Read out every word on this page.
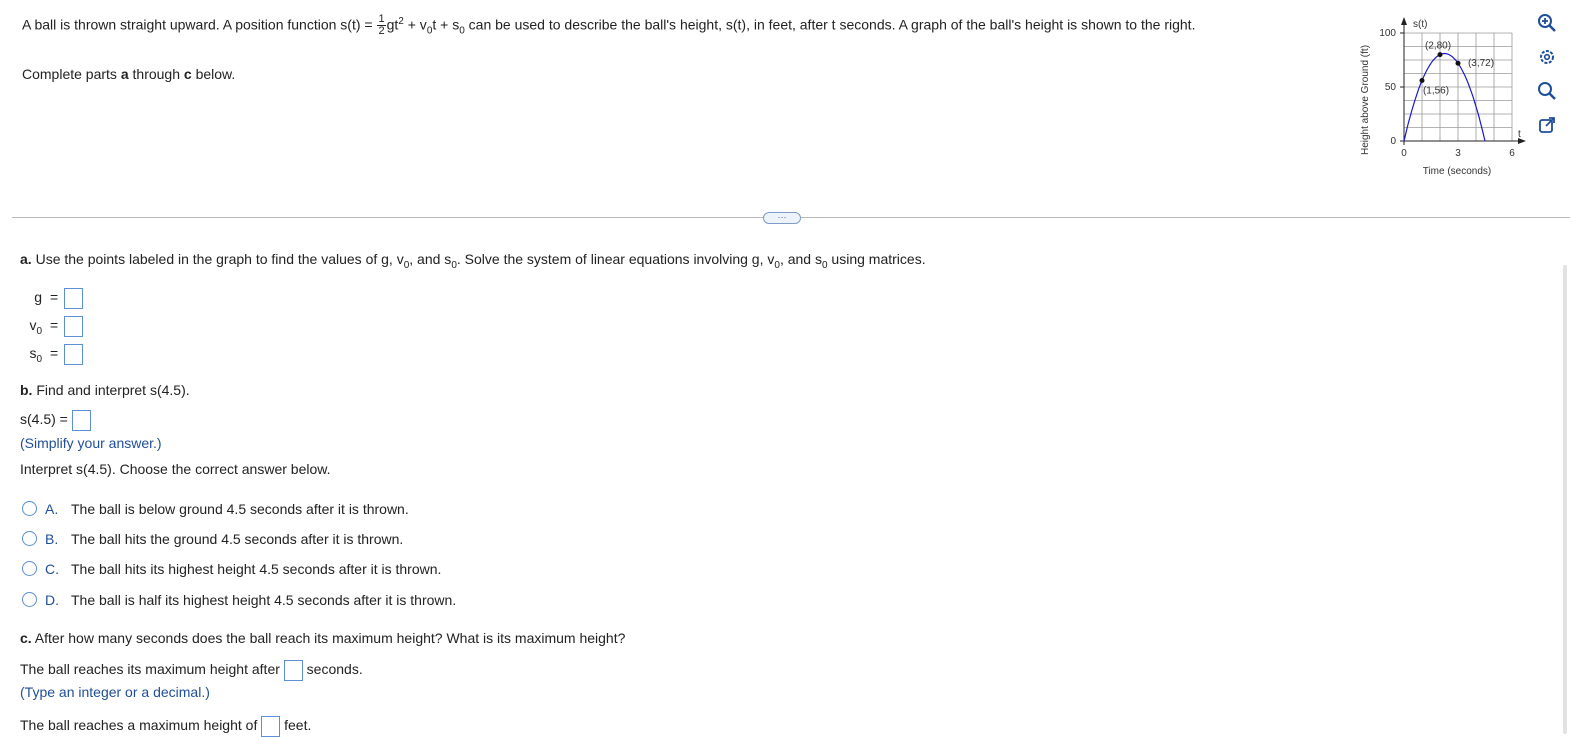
A ball is thrown straight upward. A position function $s(t) = \frac{1}{2} gt^2 + v_0t + s_0$ can be used to describe the ball's height, s(t), in feet, after t seconds. A graph of the ball's height is shown to the right.
Complete parts a through c below.	Height above Ground (ft)
100
50
0
0	3	6
(1,56)
(2,80)
(3,72)
s(t)
t
Time (seconds)
···
a. Use the points labeled in the graph to find the values of g, $v_0$, and $s_0$. Solve the system of linear equations involving g, $v_0$, and $s_0$ using matrices.
g =
$v_0$ =
$s_0$ =
b. Find and interpret s(4.5).
s(4.5) =
(Simplify your answer.)
Interpret s(4.5). Choose the correct answer below.
A. The ball is below ground 4.5 seconds after it is thrown.
B. The ball hits the ground 4.5 seconds after it is thrown.
C. The ball hits its highest height 4.5 seconds after it is thrown.
D. The ball is half its highest height 4.5 seconds after it is thrown.
c. After how many seconds does the ball reach its maximum height? What is its maximum height?
The ball reaches its maximum height after seconds.
(Type an integer or a decimal.)
The ball reaches a maximum height of feet.
